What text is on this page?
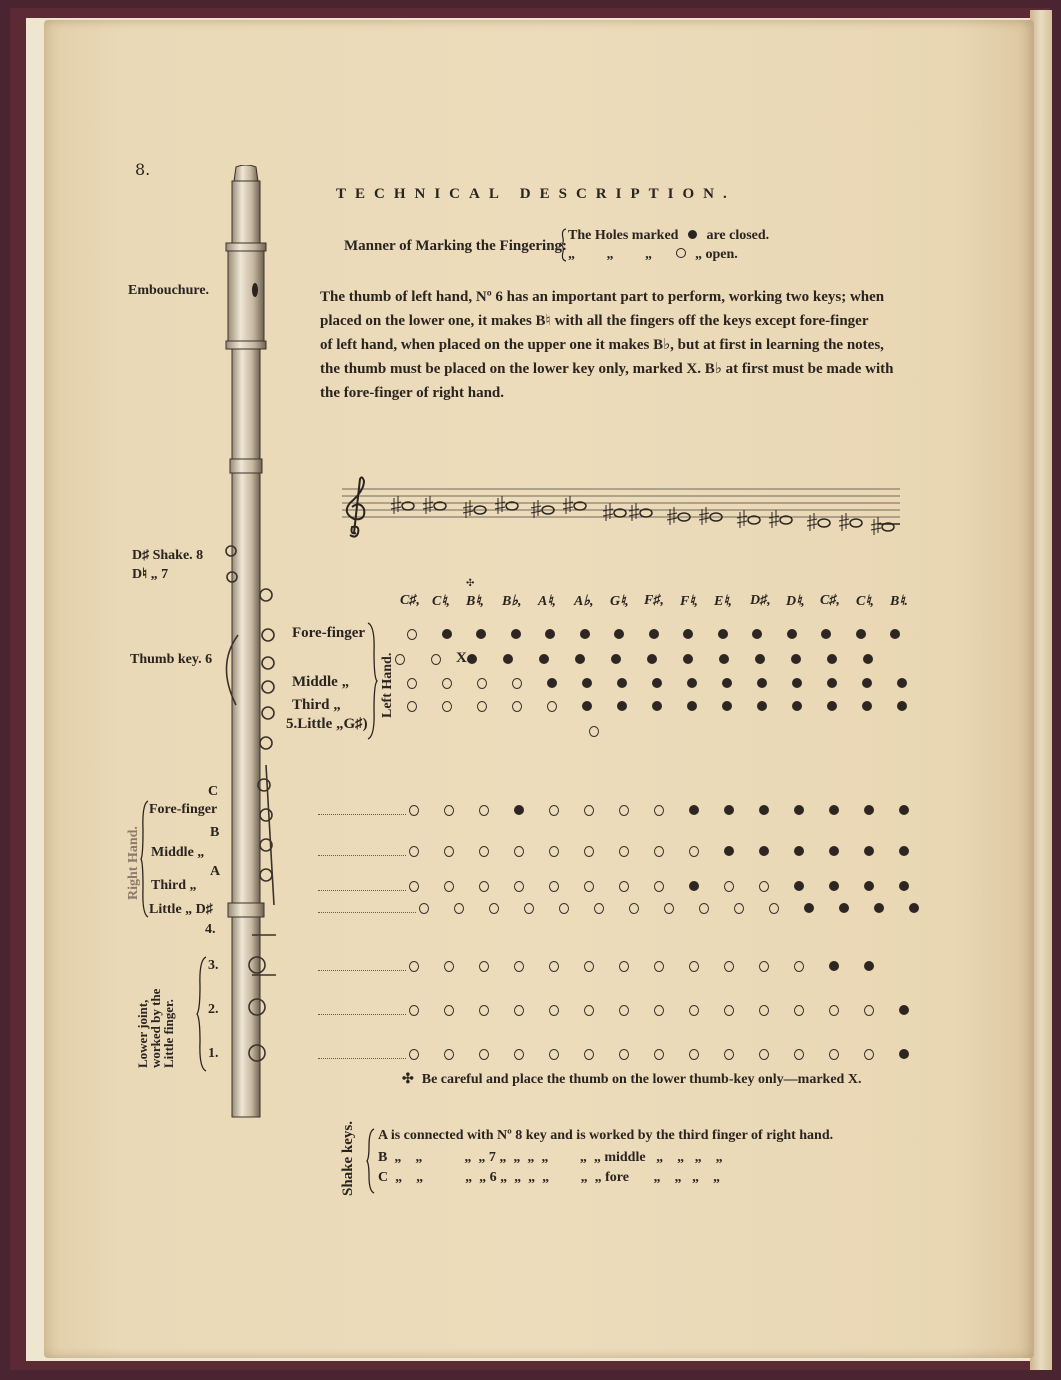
8.
TECHNICAL DESCRIPTION.
Manner of Marking the Fingering:
The Holes marked are closed.
„ „ „ „ open.
The thumb of left hand, Nº 6 has an important part to perform, working two keys; when
placed on the lower one, it makes B♮ with all the fingers off the keys except fore-finger
of left hand, when placed on the upper one it makes B♭, but at first in learning the notes,
the thumb must be placed on the lower key only, marked X. B♭ at first must be made with
the fore-finger of right hand.
Embouchure.
D♯ Shake. 8
D♮ „ 7
Thumb key. 6
C
B
A
4.
3.
2.
1.
Right Hand.
Fore-finger
Middle „
Third „
Little „ D♯
Lower joint,
worked by the
Little finger.
Fore-finger
Middle „
Third „
5.Little „G♯)
Left Hand.
C♯, C♮, B♮, B♭, A♮, A♭, G♮, F♯, F♮, E♮, D♯, D♮, C♯, C♮, B♮.
✣
X
✣ Be careful and place the thumb on the lower thumb-key only—marked X.
Shake keys. A is connected with Nº 8 key and is worked by the third finger of right hand.
B  „    „            „  „ 7 „  „  „  „         „  „ middle   „    „   „    „
C  „    „            „  „ 6 „  „  „  „         „  „ fore       „    „   „    „
